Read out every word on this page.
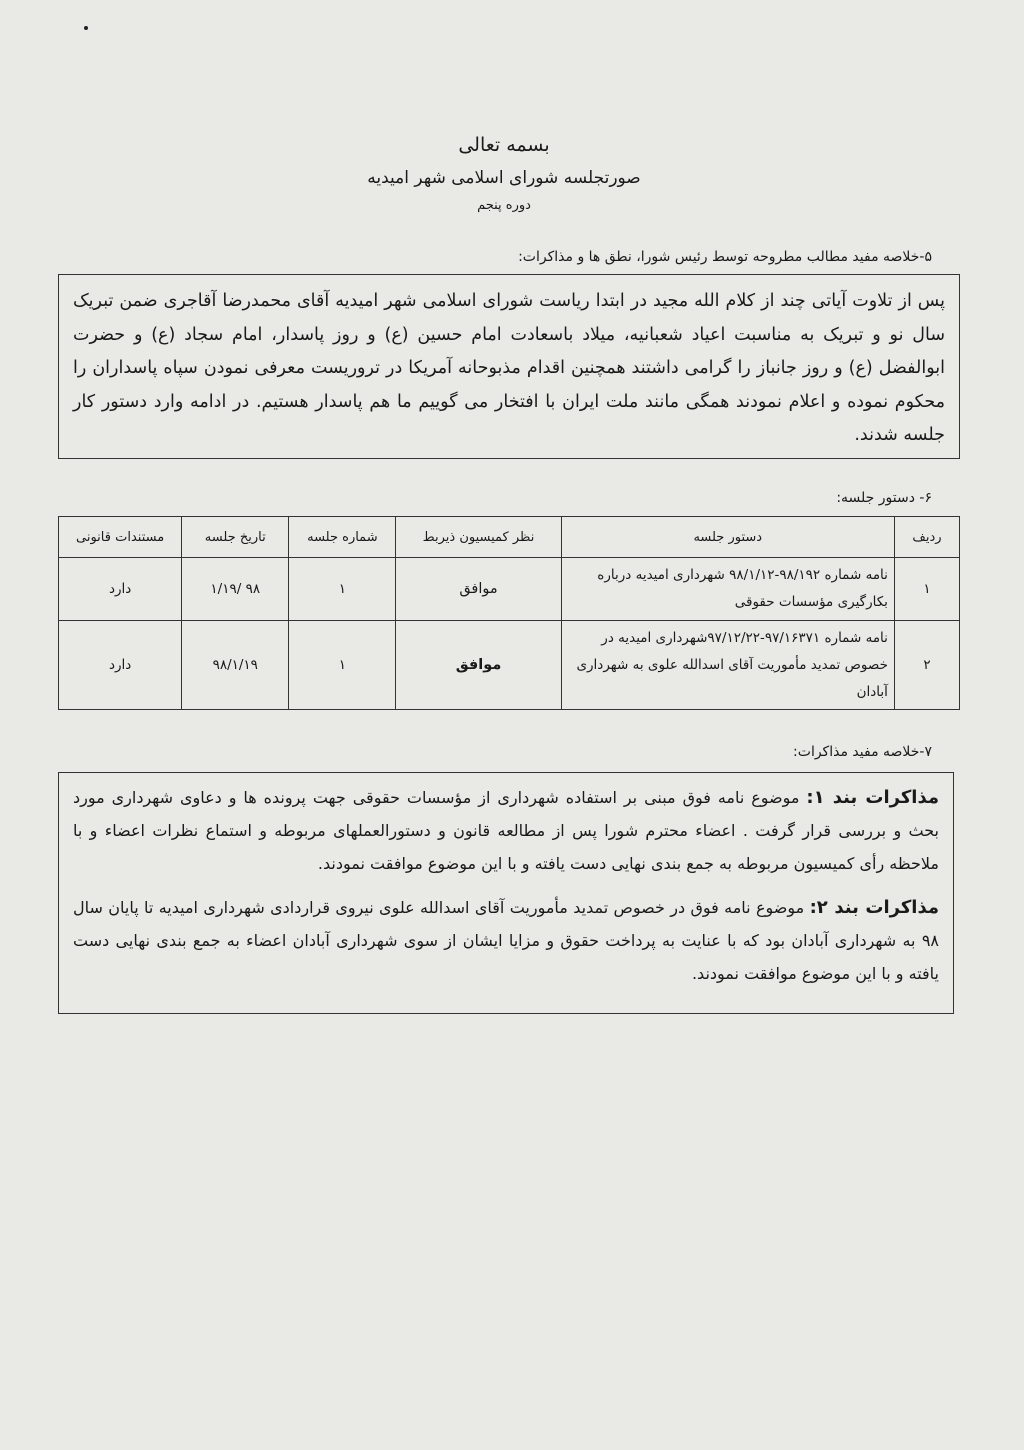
بسمه تعالی
صورتجلسه شورای اسلامی شهر امیدیه
دوره پنجم
۵-خلاصه مفید مطالب مطروحه توسط رئیس شورا، نطق ها و مذاکرات:

پس از تلاوت آیاتی چند از کلام الله مجید در ابتدا ریاست شورای اسلامی شهر امیدیه آقای محمدرضا آقاجری ضمن تبریک سال نو و تبریک به مناسبت اعیاد شعبانیه، میلاد باسعادت امام حسین (ع) و روز پاسدار، امام سجاد (ع) و حضرت ابوالفضل (ع) و روز جانباز را گرامی داشتند همچنین اقدام مذبوحانه آمریکا در تروریست معرفی نمودن سپاه پاسداران را محکوم نموده و اعلام نمودند همگی مانند ملت ایران با افتخار می گوییم ما هم پاسدار هستیم. در ادامه وارد دستور کار جلسه شدند.

۶- دستور جلسه:
ردیف	دستور جلسه	نظر کمیسیون ذیربط	شماره جلسه	تاریخ جلسه	مستندات قانونی
۱	نامه شماره ۹۸/۱۹۲-۹۸/۱/۱۲ شهرداری امیدیه درباره بکارگیری مؤسسات حقوقی	موافق	۱	۹۸ /۱/۱۹	دارد
۲	نامه شماره ۹۷/۱۶۳۷۱-۹۷/۱۲/۲۲شهرداری امیدیه در خصوص تمدید مأموریت آقای اسدالله علوی به شهرداری آبادان	موافق	۱	۹۸/۱/۱۹	دارد
۷-خلاصه مفید مذاکرات:

مذاکرات بند ۱: موضوع نامه فوق مبنی بر استفاده شهرداری از مؤسسات حقوقی جهت پرونده ها و دعاوی شهرداری مورد بحث و بررسی قرار گرفت . اعضاء محترم شورا پس از مطالعه قانون و دستورالعملهای مربوطه و استماع نظرات اعضاء و با ملاحظه رأی کمیسیون مربوطه به جمع بندی نهایی دست یافته و با این موضوع موافقت نمودند.

مذاکرات بند ۲: موضوع نامه فوق در خصوص تمدید مأموریت آقای اسدالله علوی نیروی قراردادی شهرداری امیدیه تا پایان سال ۹۸ به شهرداری آبادان بود که با عنایت به پرداخت حقوق و مزایا ایشان از سوی شهرداری آبادان اعضاء به جمع بندی نهایی دست یافته و با این موضوع موافقت نمودند.
